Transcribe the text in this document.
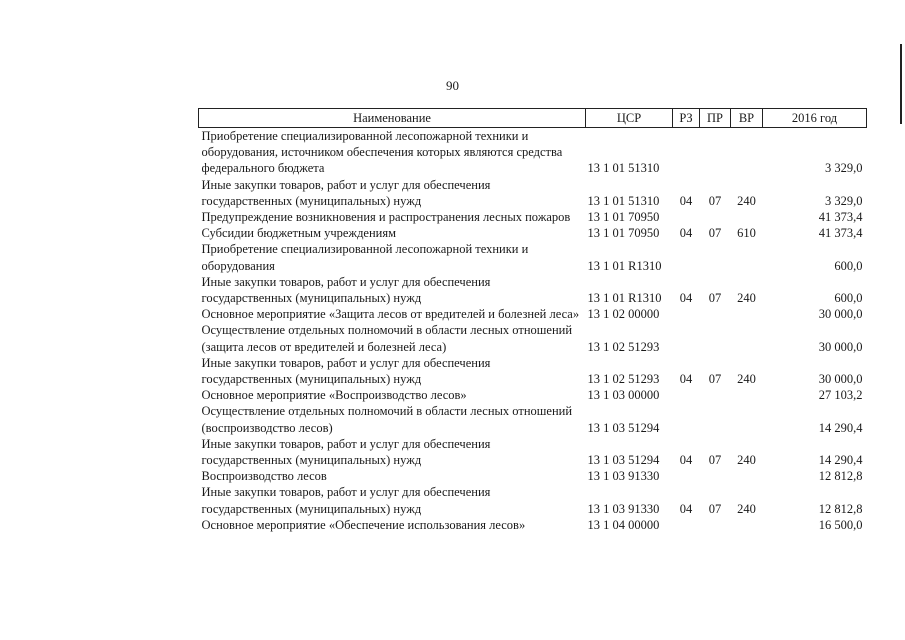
90
Наименование	ЦСР	РЗ	ПР	ВР	2016 год
Приобретение специализированной лесопожарной техники и оборудования, источником обеспечения которых являются средства федерального бюджета	13 1 01 51310				3 329,0
Иные закупки товаров, работ и услуг для обеспечения государственных (муниципальных) нужд	13 1 01 51310	04	07	240	3 329,0
Предупреждение возникновения и распространения лесных пожаров	13 1 01 70950				41 373,4
Субсидии бюджетным учреждениям	13 1 01 70950	04	07	610	41 373,4
Приобретение специализированной лесопожарной техники и оборудования	13 1 01 R1310				600,0
Иные закупки товаров, работ и услуг для обеспечения государственных (муниципальных) нужд	13 1 01 R1310	04	07	240	600,0
Основное мероприятие «Защита лесов от вредителей и болезней леса»	13 1 02 00000				30 000,0
Осуществление отдельных полномочий в области лесных отношений (защита лесов от вредителей и болезней леса)	13 1 02 51293				30 000,0
Иные закупки товаров, работ и услуг для обеспечения государственных (муниципальных) нужд	13 1 02 51293	04	07	240	30 000,0
Основное мероприятие «Воспроизводство лесов»	13 1 03 00000				27 103,2
Осуществление отдельных полномочий в области лесных отношений (воспроизводство лесов)	13 1 03 51294				14 290,4
Иные закупки товаров, работ и услуг для обеспечения государственных (муниципальных) нужд	13 1 03 51294	04	07	240	14 290,4
Воспроизводство лесов	13 1 03 91330				12 812,8
Иные закупки товаров, работ и услуг для обеспечения государственных (муниципальных) нужд	13 1 03 91330	04	07	240	12 812,8
Основное мероприятие «Обеспечение использования лесов»	13 1 04 00000				16 500,0
